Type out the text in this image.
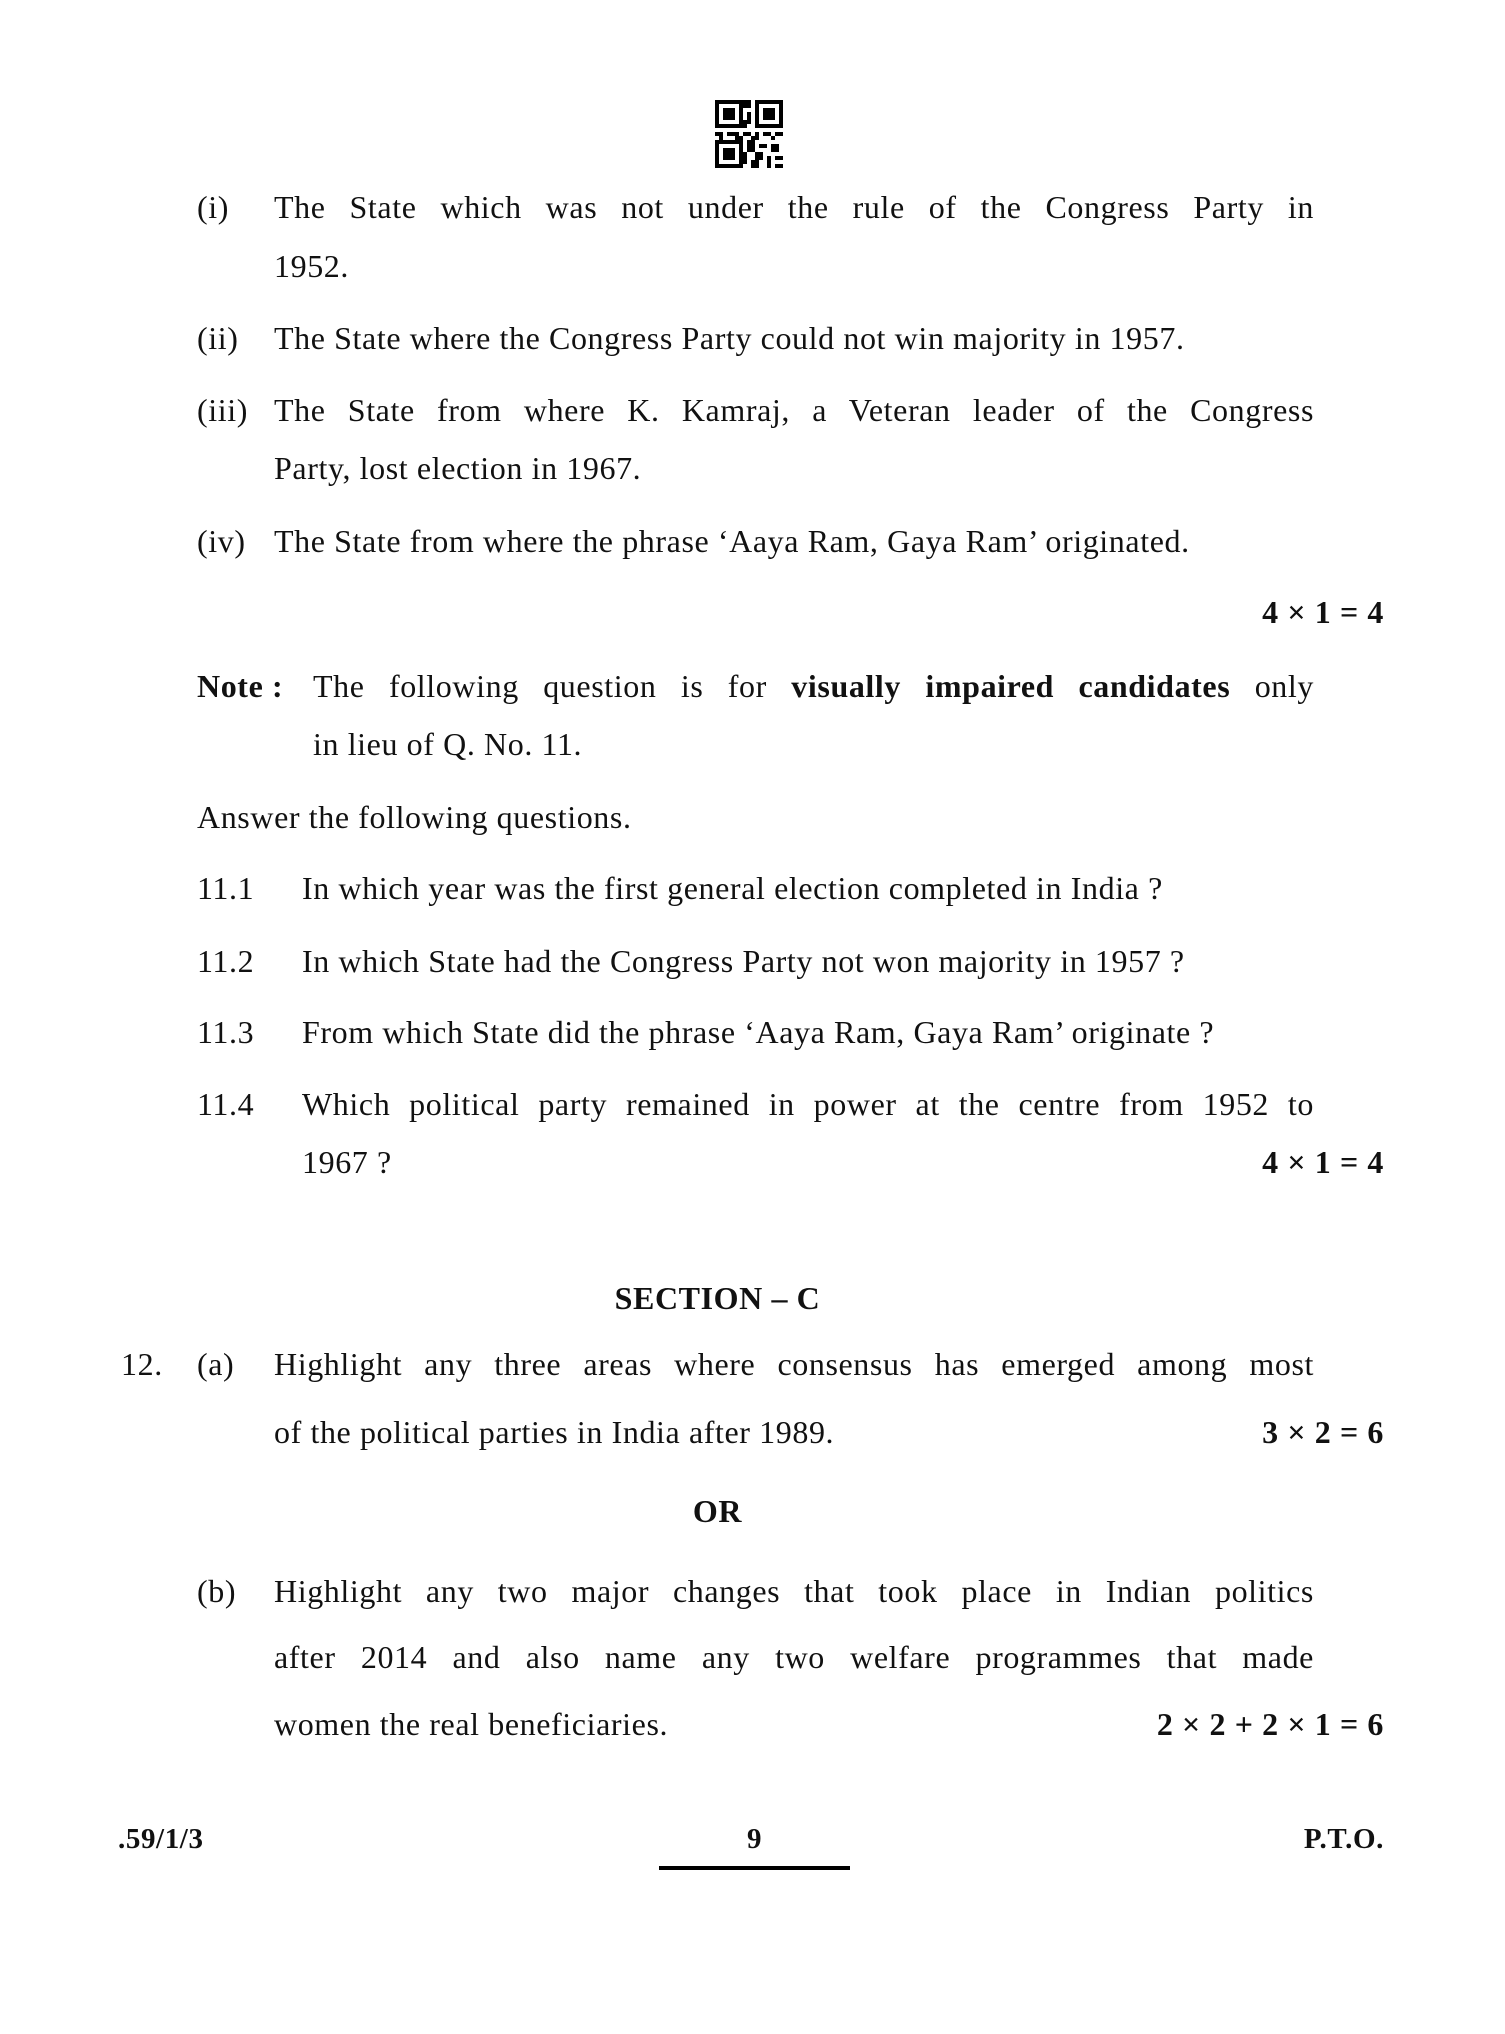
(i) The State which was not under the rule of the Congress Party in
1952.
(ii) The State where the Congress Party could not win majority in 1957.
(iii) The State from where K. Kamraj, a Veteran leader of the Congress
Party, lost election in 1967.
(iv) The State from where the phrase ‘Aaya Ram, Gaya Ram’ originated.
4 × 1 = 4
Note : The following question is for visually impaired candidates only
in lieu of Q. No. 11.
Answer the following questions.
11.1 In which year was the first general election completed in India ?
11.2 In which State had the Congress Party not won majority in 1957 ?
11.3 From which State did the phrase ‘Aaya Ram, Gaya Ram’ originate ?
11.4 Which political party remained in power at the centre from 1952 to
1967 ?	4 × 1 = 4
SECTION – C
12. (a) Highlight any three areas where consensus has emerged among most
of the political parties in India after 1989.	3 × 2 = 6
OR
(b) Highlight any two major changes that took place in Indian politics
after 2014 and also name any two welfare programmes that made
women the real beneficiaries.	2 × 2 + 2 × 1 = 6
.59/1/3	9	P.T.O.
